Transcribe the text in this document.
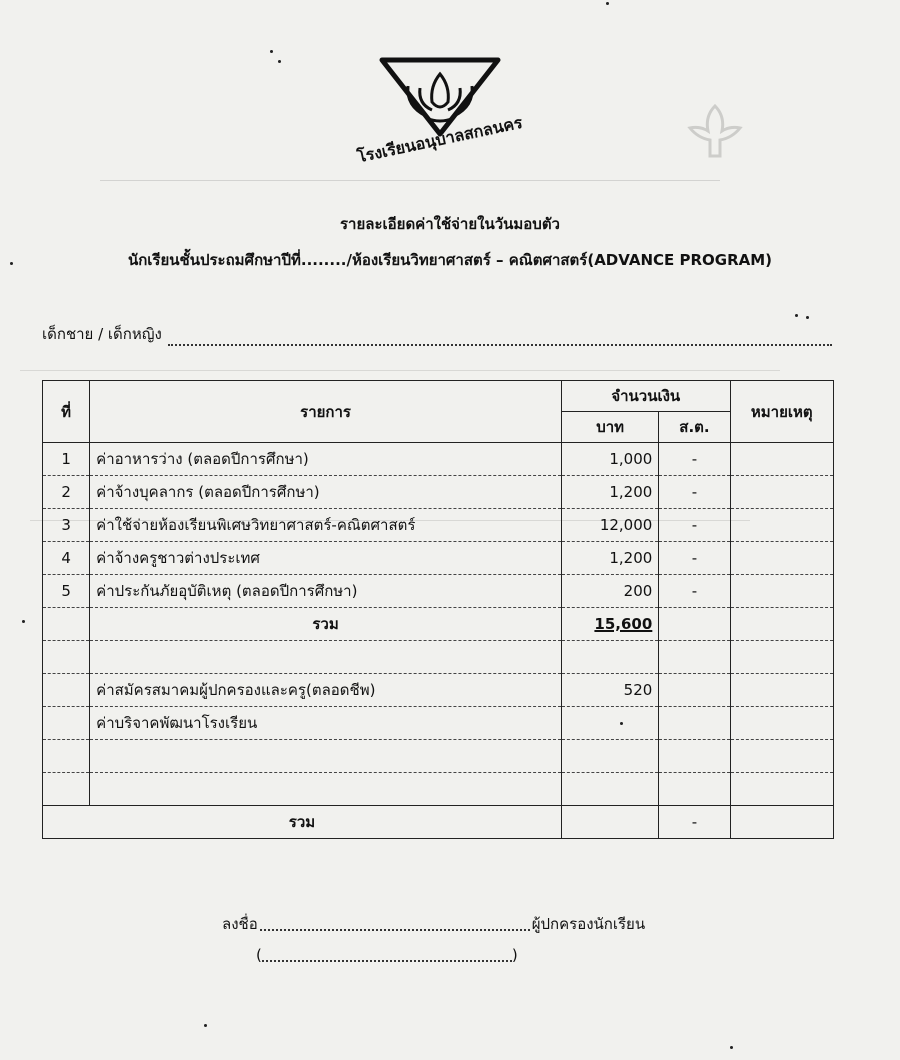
โรงเรียนอนุบาลสกลนคร
รายละเอียดค่าใช้จ่ายในวันมอบตัว
นักเรียนชั้นประถมศึกษาปีที่......../ห้องเรียนวิทยาศาสตร์ – คณิตศาสตร์(ADVANCE PROGRAM)
เด็กชาย / เด็กหญิง
ที่	รายการ	จำนวนเงิน		หมายเหตุ
		บาท	ส.ต.	
1	ค่าอาหารว่าง (ตลอดปีการศึกษา)	1,000	-	
2	ค่าจ้างบุคลากร (ตลอดปีการศึกษา)	1,200	-	
3	ค่าใช้จ่ายห้องเรียนพิเศษวิทยาศาสตร์-คณิตศาสตร์	12,000	-	
4	ค่าจ้างครูชาวต่างประเทศ	1,200	-	
5	ค่าประกันภัยอุบัติเหตุ (ตลอดปีการศึกษา)	200	-	
	รวม	15,600		

	ค่าสมัครสมาคมผู้ปกครองและครู(ตลอดชีพ)	520		
	ค่าบริจาคพัฒนาโรงเรียน			

รวม			-	
ลงชื่อ	ผู้ปกครองนักเรียน
(	)
